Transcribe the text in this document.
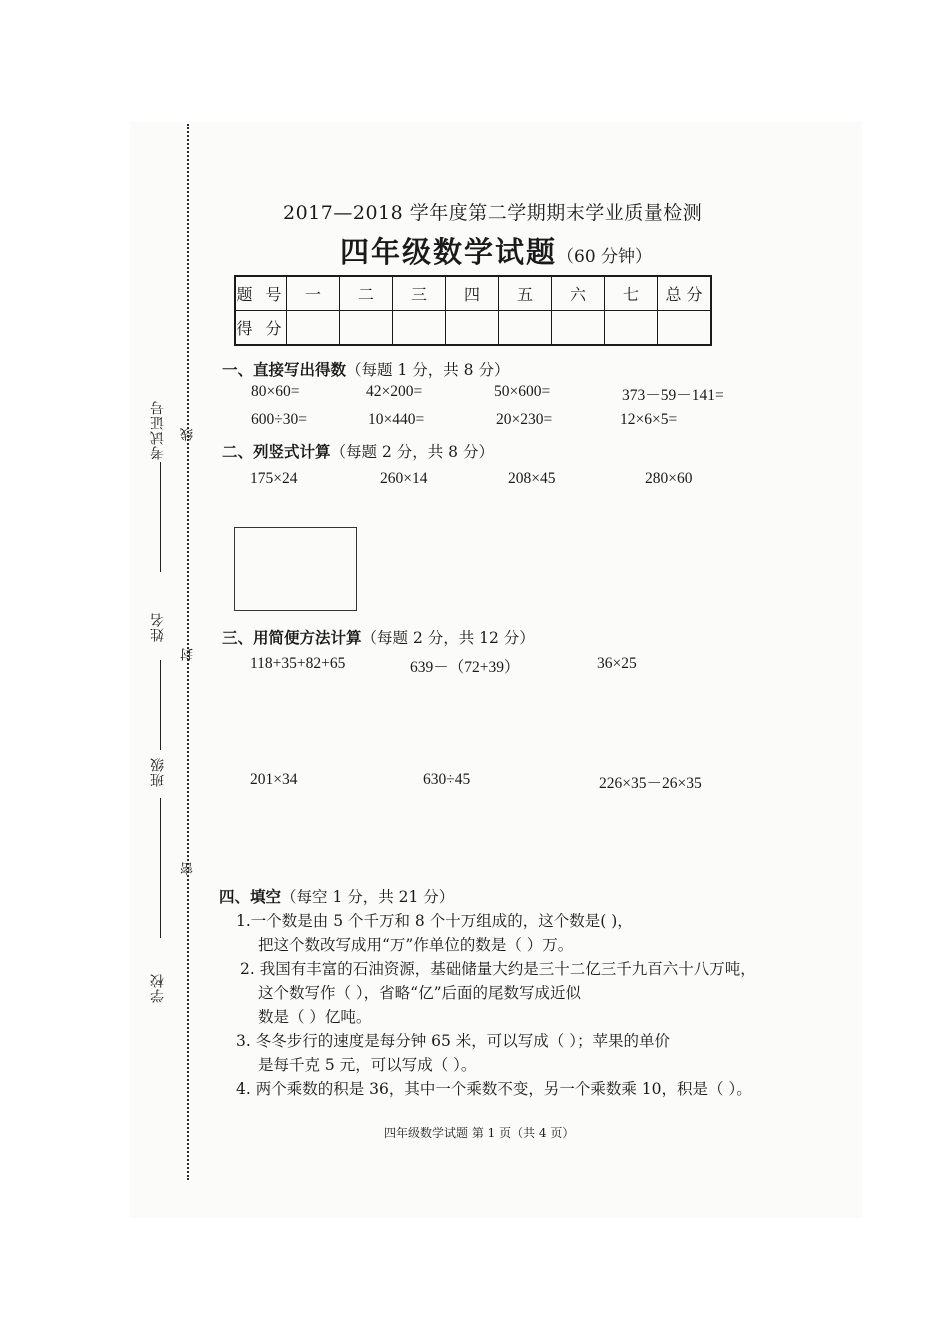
考试证号
姓名
班级
学校
线
封
密
2017—2018 学年度第二学期期末学业质量检测
四年级数学试题（60 分钟）
题 号	一	二	三	四	五	六	七	总 分
得 分								
一、直接写出得数（每题 1 分，共 8 分）
80×60=	42×200=	50×600=	373－59－141=
600÷30=	10×440=	20×230=	12×6×5=
二、列竖式计算（每题 2 分，共 8 分）
175×24	260×14	208×45	280×60
三、用简便方法计算（每题 2 分，共 12 分）
118+35+82+65	639－（72+39）	36×25
201×34	630÷45	226×35－26×35
四、填空（每空 1 分，共 21 分）
1.一个数是由 5 个千万和 8 个十万组成的，这个数是( )，
把这个数改写成用“万”作单位的数是（ ）万。
2. 我国有丰富的石油资源，基础储量大约是三十二亿三千九百六十八万吨，
这个数写作（ ），省略“亿”后面的尾数写成近似
数是（ ）亿吨。
3. 冬冬步行的速度是每分钟 65 米，可以写成（ ）；苹果的单价
是每千克 5 元，可以写成（ ）。
4. 两个乘数的积是 36，其中一个乘数不变，另一个乘数乘 10，积是（ ）。
四年级数学试题 第 1 页（共 4 页）
